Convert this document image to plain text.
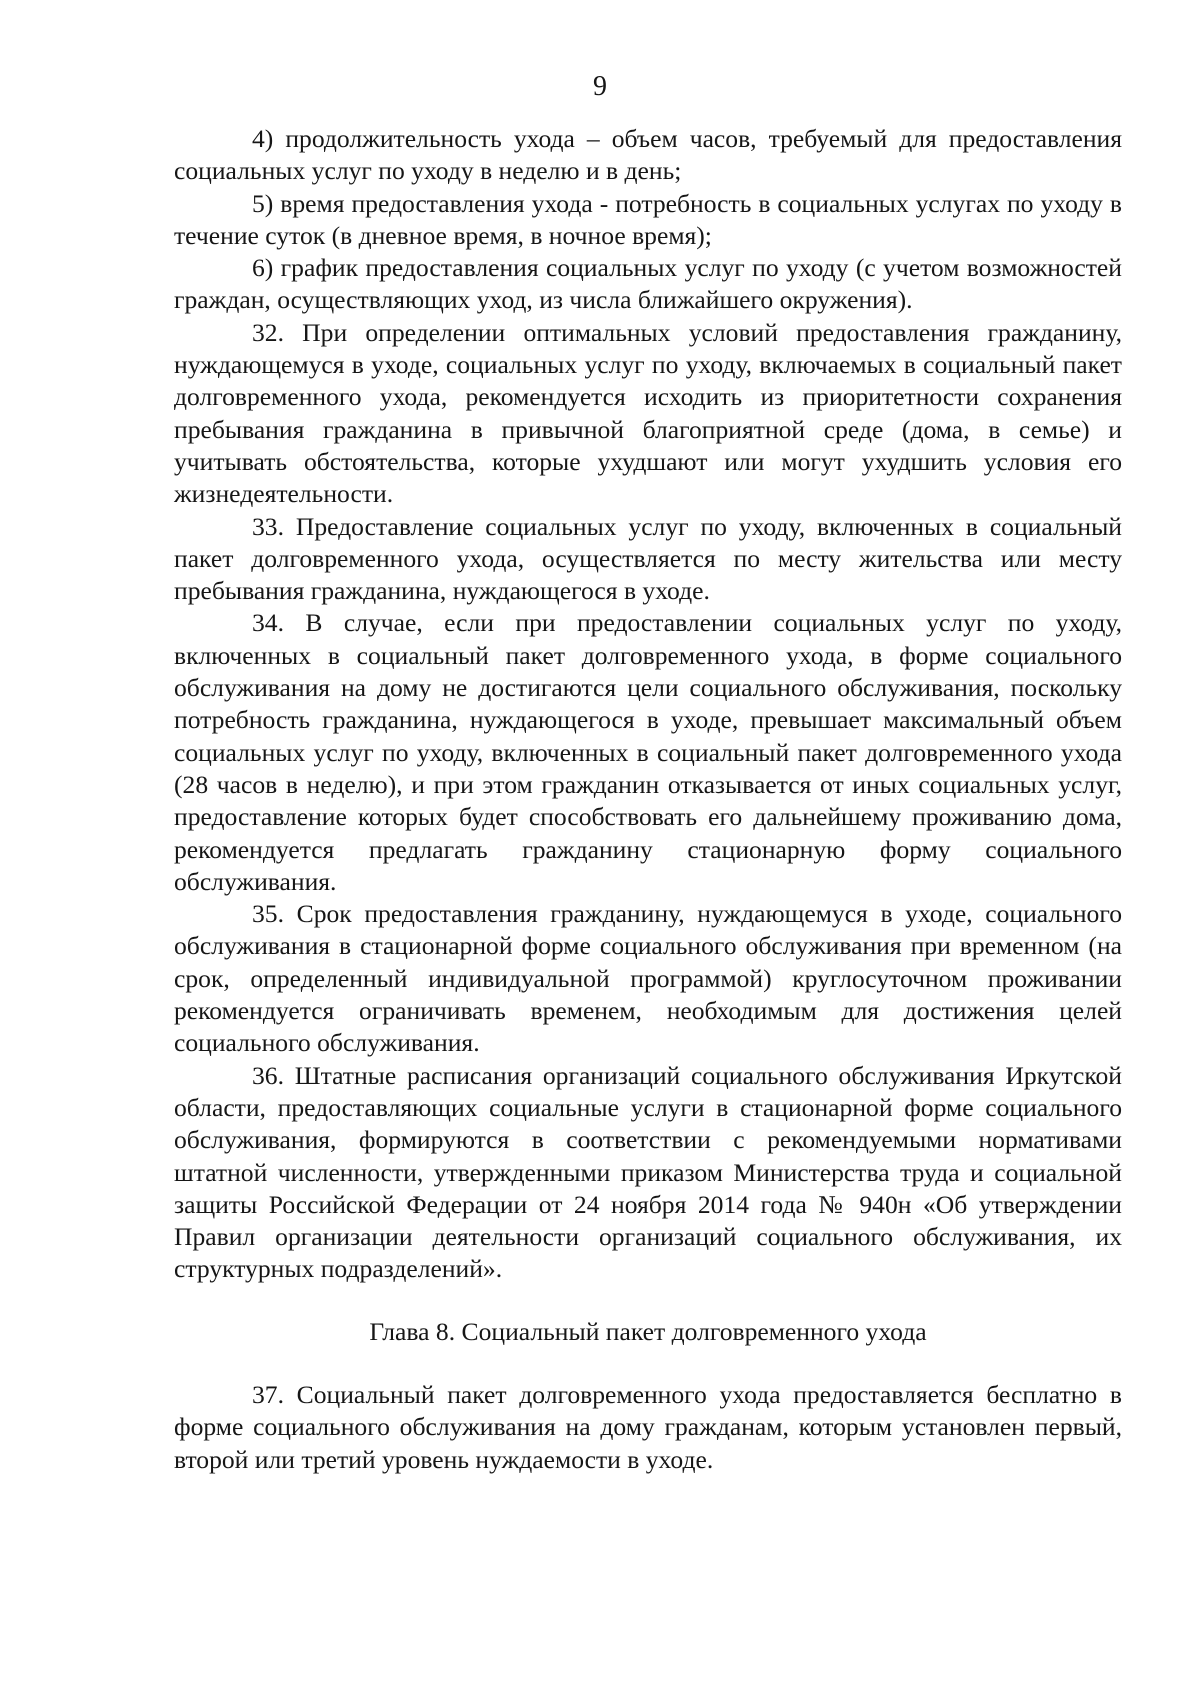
9

4) продолжительность ухода – объем часов, требуемый для предоставления социальных услуг по уходу в неделю и в день;

5) время предоставления ухода - потребность в социальных услугах по уходу в течение суток (в дневное время, в ночное время);

6) график предоставления социальных услуг по уходу (с учетом возможностей граждан, осуществляющих уход, из числа ближайшего окружения).

32. При определении оптимальных условий предоставления гражданину, нуждающемуся в уходе, социальных услуг по уходу, включаемых в социальный пакет долговременного ухода, рекомендуется исходить из приоритетности сохранения пребывания гражданина в привычной благоприятной среде (дома, в семье) и учитывать обстоятельства, которые ухудшают или могут ухудшить условия его жизнедеятельности.

33. Предоставление социальных услуг по уходу, включенных в социальный пакет долговременного ухода, осуществляется по месту жительства или месту пребывания гражданина, нуждающегося в уходе.

34. В случае, если при предоставлении социальных услуг по уходу, включенных в социальный пакет долговременного ухода, в форме социального обслуживания на дому не достигаются цели социального обслуживания, поскольку потребность гражданина, нуждающегося в уходе, превышает максимальный объем социальных услуг по уходу, включенных в социальный пакет долговременного ухода (28 часов в неделю), и при этом гражданин отказывается от иных социальных услуг, предоставление которых будет способствовать его дальнейшему проживанию дома, рекомендуется предлагать гражданину стационарную форму социального обслуживания.

35. Срок предоставления гражданину, нуждающемуся в уходе, социального обслуживания в стационарной форме социального обслуживания при временном (на срок, определенный индивидуальной программой) круглосуточном проживании рекомендуется ограничивать временем, необходимым для достижения целей социального обслуживания.

36. Штатные расписания организаций социального обслуживания Иркутской области, предоставляющих социальные услуги в стационарной форме социального обслуживания, формируются в соответствии с рекомендуемыми нормативами штатной численности, утвержденными приказом Министерства труда и социальной защиты Российской Федерации от 24 ноября 2014 года № 940н «Об утверждении Правил организации деятельности организаций социального обслуживания, их структурных подразделений».

Глава 8. Социальный пакет долговременного ухода

37. Социальный пакет долговременного ухода предоставляется бесплатно в форме социального обслуживания на дому гражданам, которым установлен первый, второй или третий уровень нуждаемости в уходе.
